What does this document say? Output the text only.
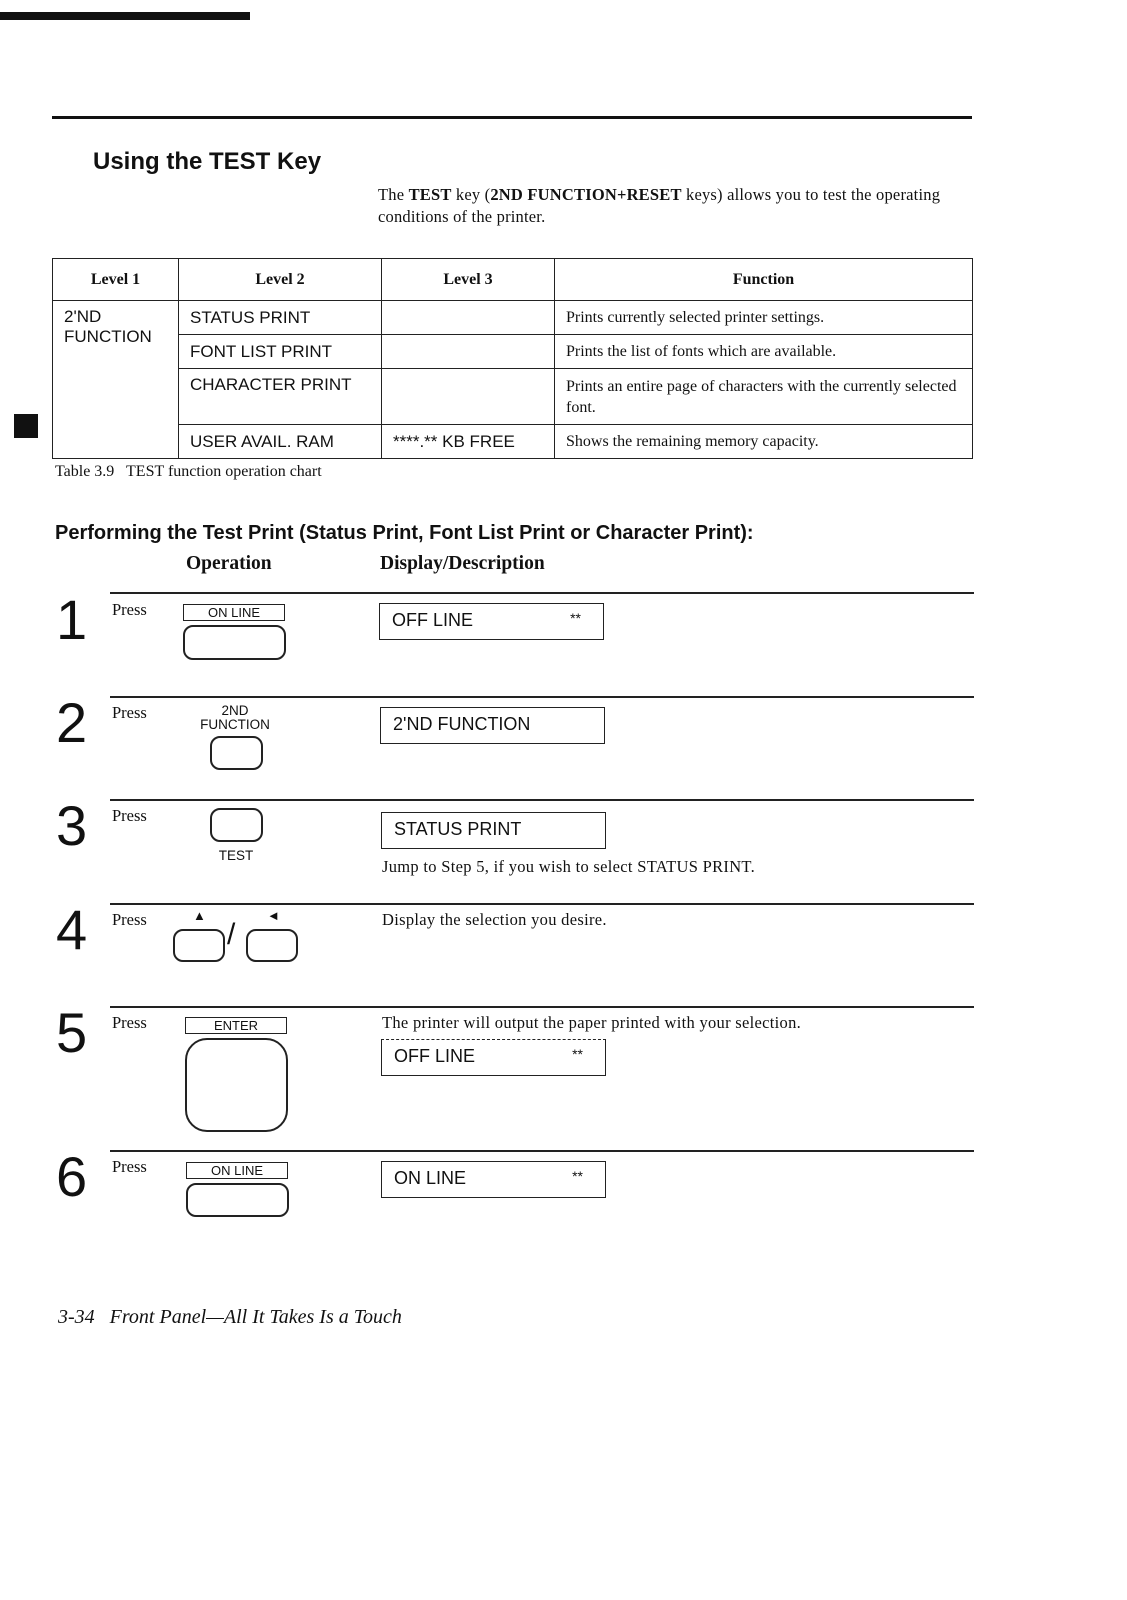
Using the TEST Key
The TEST key (2ND FUNCTION+RESET keys) allows you to test the operating conditions of the printer.
Level 1	Level 2	Level 3	Function
2'ND FUNCTION	STATUS PRINT		Prints currently selected printer settings.
	FONT LIST PRINT		Prints the list of fonts which are available.
	CHARACTER PRINT		Prints an entire page of characters with the currently selected font.
	USER AVAIL. RAM	****.** KB FREE	Shows the remaining memory capacity.
Table 3.9   TEST function operation chart
Performing the Test Print (Status Print, Font List Print or Character Print):
Operation	Display/Description
1 Press	ON LINE	OFF LINE	**
2 Press	2ND
FUNCTION	2'ND FUNCTION
3 Press
TEST
STATUS PRINT
Jump to Step 5, if you wish to select STATUS PRINT.
4 Press	▲	◄
/	Display the selection you desire.
5 Press	ENTER	The printer will output the paper printed with your selection.
OFF LINE	**
6 Press	ON LINE	ON LINE	**
3-34   Front Panel—All It Takes Is a Touch
